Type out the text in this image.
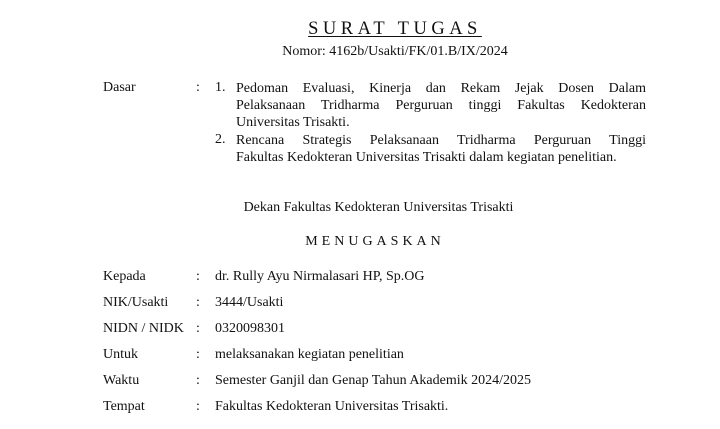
SURAT TUGAS
Nomor: 4162b/Usakti/FK/01.B/IX/2024
Dasar	: 1. Pedoman Evaluasi, Kinerja dan Rekam Jejak Dosen Dalam
Pelaksanaan Tridharma Perguruan tinggi Fakultas Kedokteran
Universitas Trisakti.
2. Rencana Strategis Pelaksanaan Tridharma Perguruan Tinggi
Fakultas Kedokteran Universitas Trisakti dalam kegiatan penelitian.
Dekan Fakultas Kedokteran Universitas Trisakti
MENUGASKAN
Kepada	: dr. Rully Ayu Nirmalasari HP, Sp.OG
NIK/Usakti : 3444/Usakti
NIDN / NIDK : 0320098301
Untuk	: melaksanakan kegiatan penelitian
Waktu	: Semester Ganjil dan Genap Tahun Akademik 2024/2025
Tempat	: Fakultas Kedokteran Universitas Trisakti.
